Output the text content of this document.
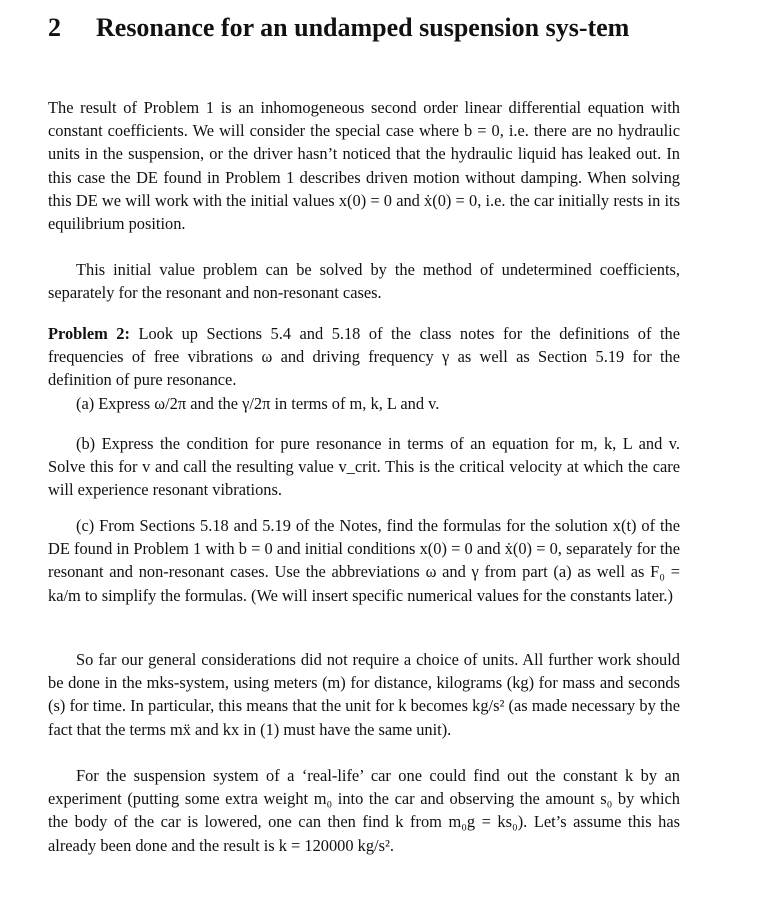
2 Resonance for an undamped suspension sys-tem

The result of Problem 1 is an inhomogeneous second order linear differential equation with constant coefficients. We will consider the special case where b = 0, i.e. there are no hydraulic units in the suspension, or the driver hasn’t noticed that the hydraulic liquid has leaked out. In this case the DE found in Problem 1 describes driven motion without damping. When solving this DE we will work with the initial values x(0) = 0 and ẋ(0) = 0, i.e. the car initially rests in its equilibrium position.

This initial value problem can be solved by the method of undetermined coefficients, separately for the resonant and non-resonant cases.

Problem 2: Look up Sections 5.4 and 5.18 of the class notes for the definitions of the frequencies of free vibrations ω and driving frequency γ as well as Section 5.19 for the definition of pure resonance.

(a) Express ω/2π and the γ/2π in terms of m, k, L and v.

(b) Express the condition for pure resonance in terms of an equation for m, k, L and v. Solve this for v and call the resulting value v_crit. This is the critical velocity at which the care will experience resonant vibrations.

(c) From Sections 5.18 and 5.19 of the Notes, find the formulas for the solution x(t) of the DE found in Problem 1 with b = 0 and initial conditions x(0) = 0 and ẋ(0) = 0, separately for the resonant and non-resonant cases. Use the abbreviations ω and γ from part (a) as well as F₀ = ka/m to simplify the formulas. (We will insert specific numerical values for the constants later.)

So far our general considerations did not require a choice of units. All further work should be done in the mks-system, using meters (m) for distance, kilograms (kg) for mass and seconds (s) for time. In particular, this means that the unit for k becomes kg/s² (as made necessary by the fact that the terms mẍ and kx in (1) must have the same unit).

For the suspension system of a ‘real-life’ car one could find out the constant k by an experiment (putting some extra weight m₀ into the car and observing the amount s₀ by which the body of the car is lowered, one can then find k from m₀g = ks₀). Let’s assume this has already been done and the result is k = 120000 kg/s².
